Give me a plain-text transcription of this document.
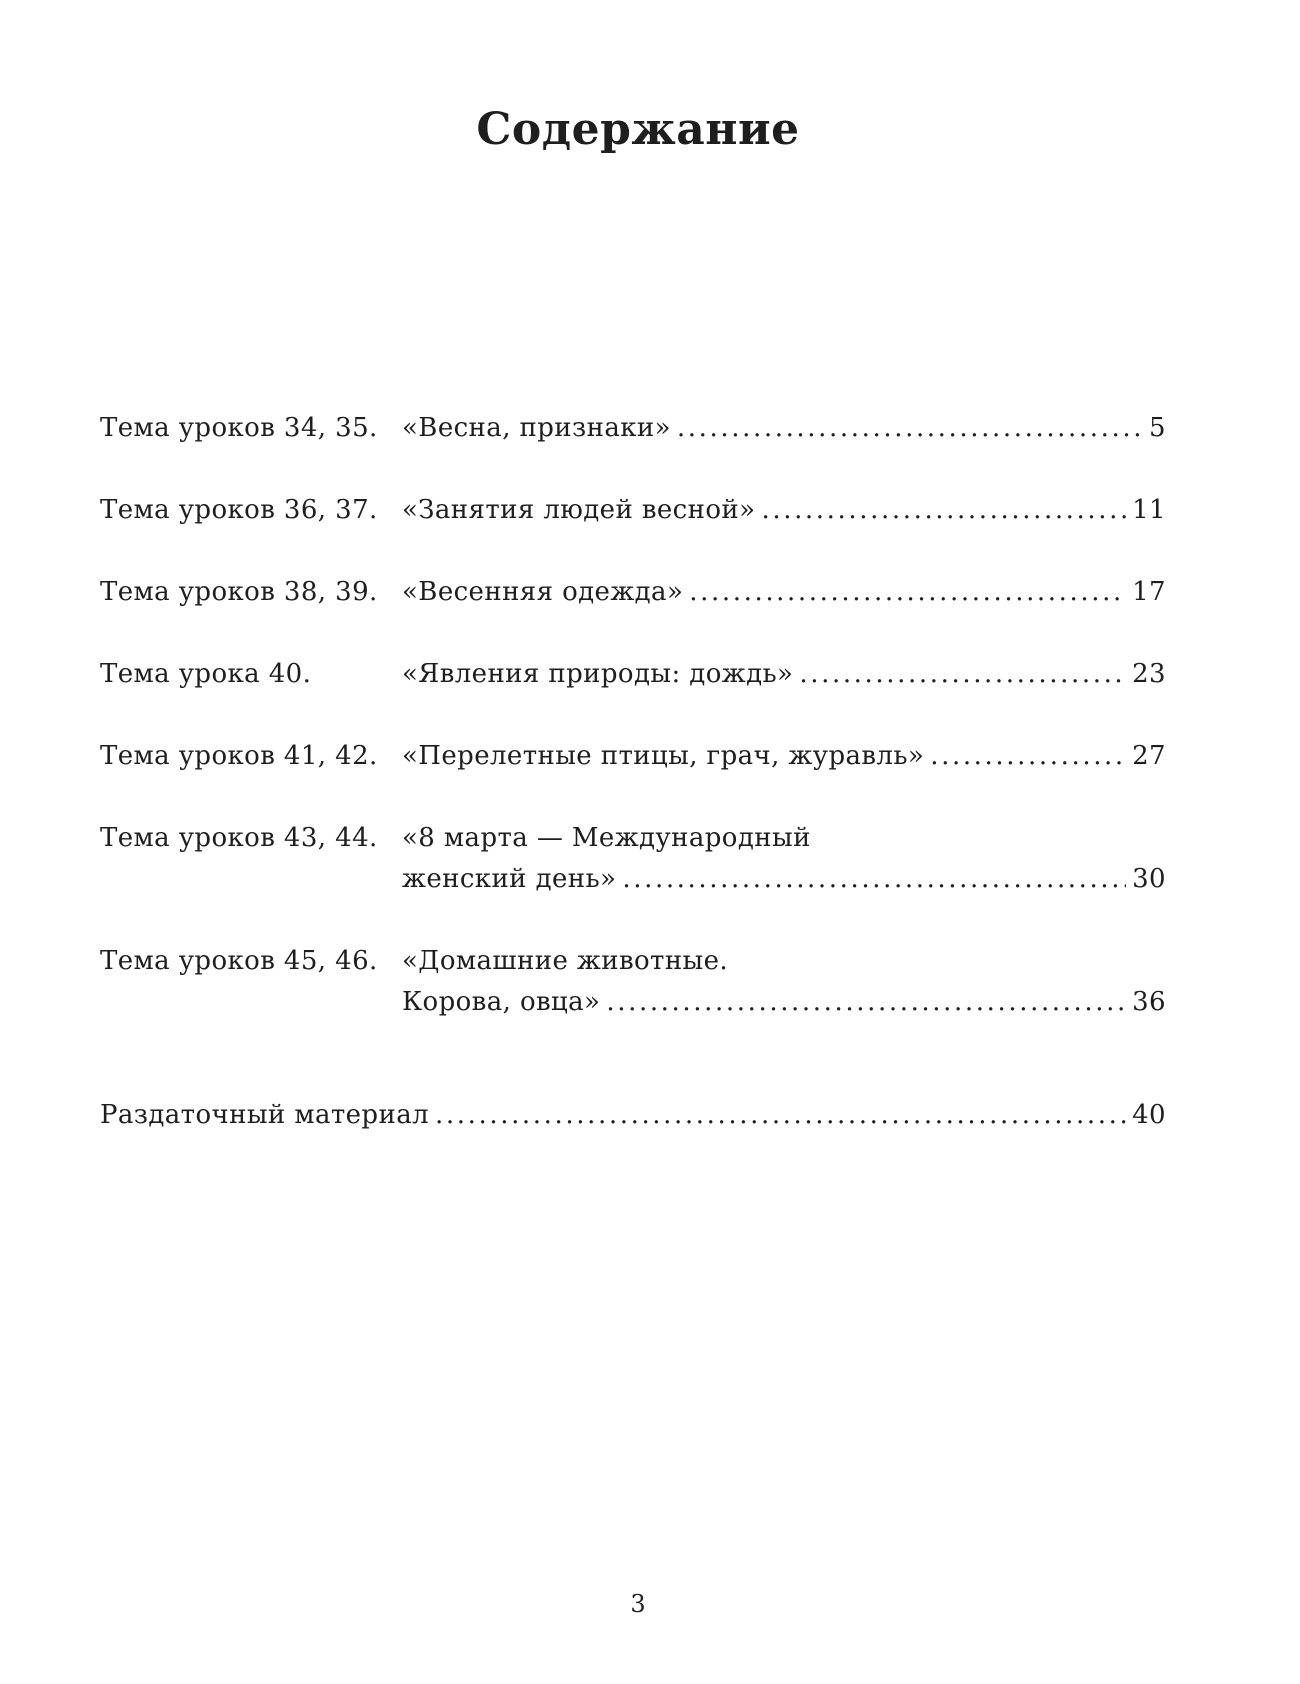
Содержание
Тема уроков 34, 35. «Весна, признаки» .....	5
Тема уроков 36, 37. «Занятия людей весной» .....	11
Тема уроков 38, 39. «Весенняя одежда» .....	17
Тема урока 40.	«Явления природы: дождь» .....	23
Тема уроков 41, 42. «Перелетные птицы, грач, журавль» .....	27
Тема уроков 43, 44. «8 марта — Международный
женский день» .....	30
Тема уроков 45, 46. «Домашние животные.
Корова, овца» .....	36
Раздаточный материал .....	40
3
